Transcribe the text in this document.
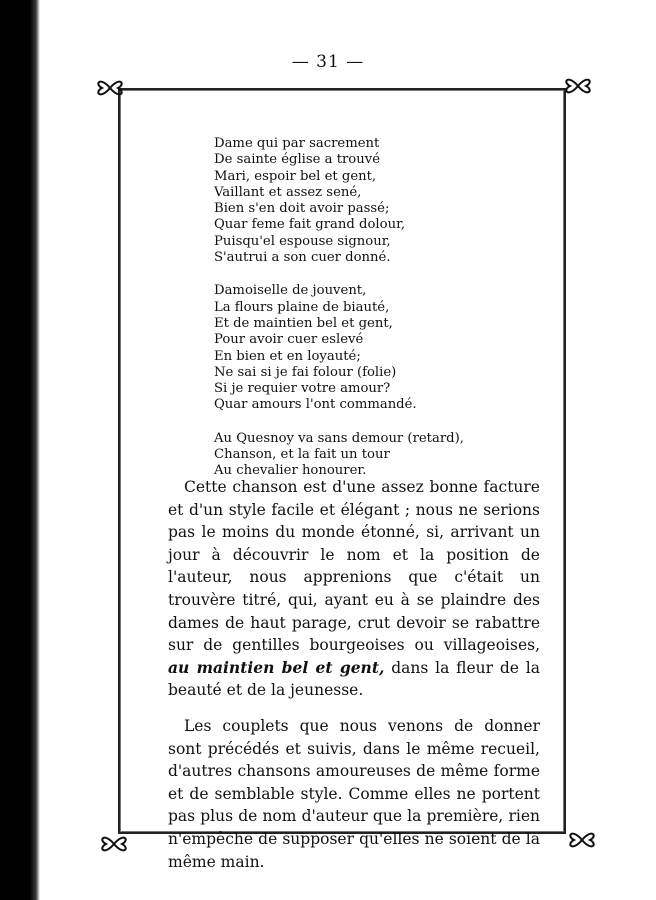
— 31 —
Dame qui par sacrement
De sainte église a trouvé
Mari, espoir bel et gent,
Vaillant et assez sené,
Bien s'en doit avoir passé;
Quar feme fait grand dolour,
Puisqu'el espouse signour,
S'autrui a son cuer donné.
Damoiselle de jouvent,
La flours plaine de biauté,
Et de maintien bel et gent,
Pour avoir cuer eslevé
En bien et en loyauté;
Ne sai si je fai folour (folie)
Si je requier votre amour?
Quar amours l'ont commandé.
Au Quesnoy va sans demour (retard),
Chanson, et la fait un tour
Au chevalier honourer.

Cette chanson est d'une assez bonne facture et d'un style facile et élégant ; nous ne serions pas le moins du monde étonné, si, arrivant un jour à découvrir le nom et la position de l'auteur, nous apprenions que c'était un trouvère titré, qui, ayant eu à se plaindre des dames de haut parage, crut devoir se rabattre sur de gentilles bourgeoises ou villageoises, au maintien bel et gent, dans la fleur de la beauté et de la jeunesse.

Les couplets que nous venons de donner sont précédés et suivis, dans le même recueil, d'autres chansons amoureuses de même forme et de semblable style. Comme elles ne portent pas plus de nom d'auteur que la première, rien n'empêche de supposer qu'elles ne soient de la même main.
